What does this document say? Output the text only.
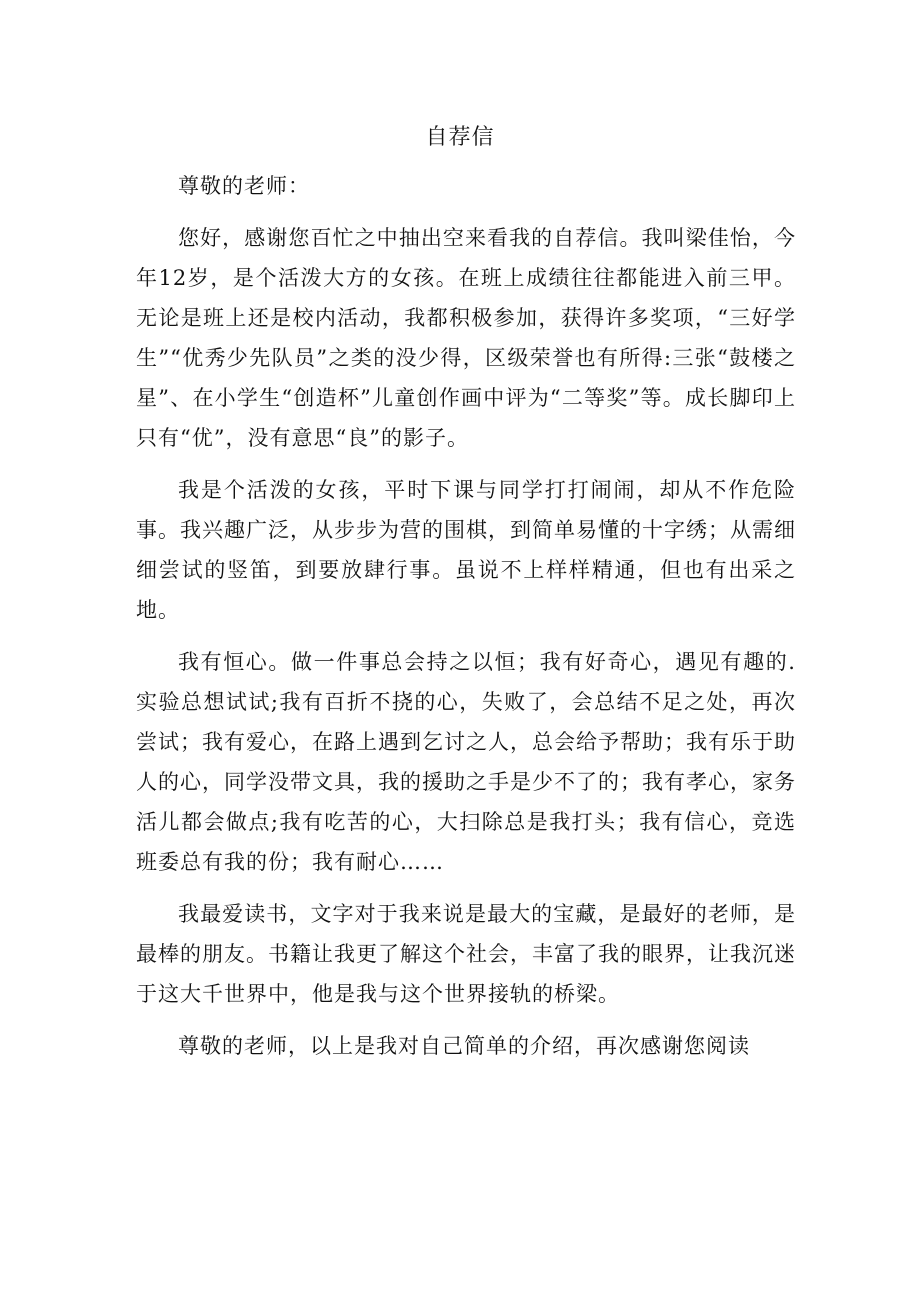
自荐信

尊敬的老师：

您好，感谢您百忙之中抽出空来看我的自荐信。我叫梁佳怡，今年12岁，是个活泼大方的女孩。在班上成绩往往都能进入前三甲。无论是班上还是校内活动，我都积极参加，获得许多奖项，“三好学生”“优秀少先队员”之类的没少得，区级荣誉也有所得:三张“鼓楼之星”、在小学生“创造杯”儿童创作画中评为“二等奖”等。成长脚印上只有“优”，没有意思“良”的影子。

我是个活泼的女孩，平时下课与同学打打闹闹，却从不作危险事。我兴趣广泛，从步步为营的围棋，到简单易懂的十字绣；从需细细尝试的竖笛，到要放肆行事。虽说不上样样精通，但也有出采之地。

我有恒心。做一件事总会持之以恒；我有好奇心，遇见有趣的.实验总想试试;我有百折不挠的心，失败了，会总结不足之处，再次尝试；我有爱心，在路上遇到乞讨之人，总会给予帮助；我有乐于助人的心，同学没带文具，我的援助之手是少不了的；我有孝心，家务活儿都会做点;我有吃苦的心，大扫除总是我打头；我有信心，竞选班委总有我的份；我有耐心……

我最爱读书，文字对于我来说是最大的宝藏，是最好的老师，是最棒的朋友。书籍让我更了解这个社会，丰富了我的眼界，让我沉迷于这大千世界中，他是我与这个世界接轨的桥梁。

尊敬的老师，以上是我对自己简单的介绍，再次感谢您阅读
